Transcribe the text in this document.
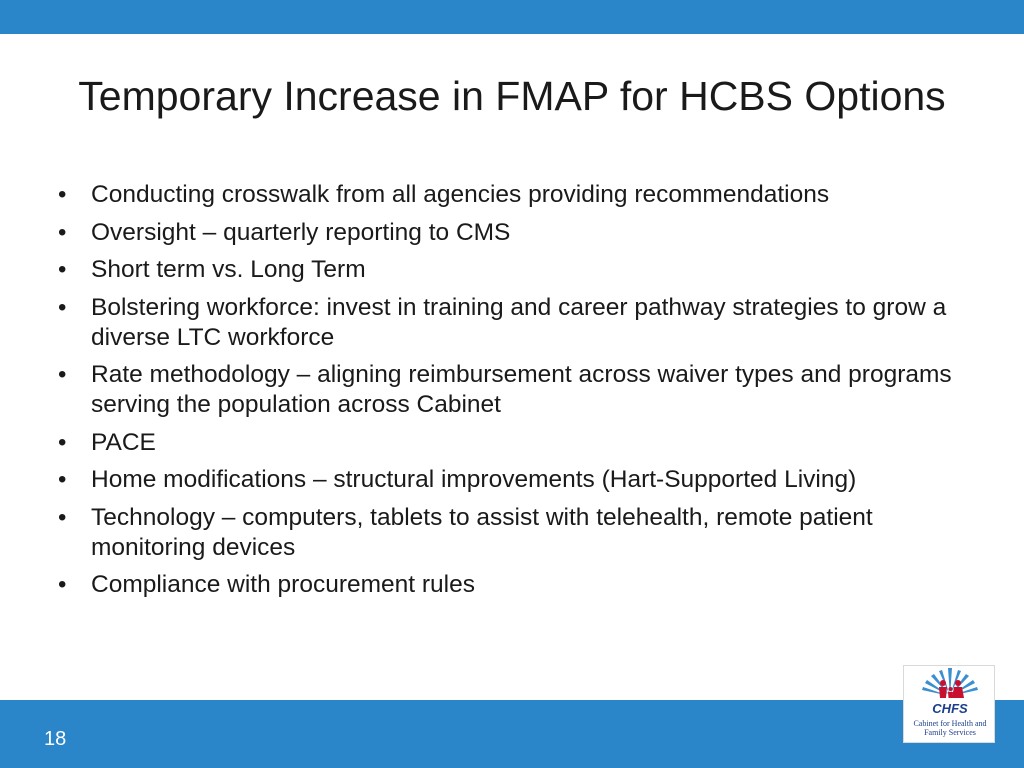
Temporary Increase in FMAP for HCBS Options
• Conducting crosswalk from all agencies providing recommendations
• Oversight – quarterly reporting to CMS
• Short term vs. Long Term
• Bolstering workforce: invest in training and career pathway strategies to grow a diverse LTC workforce
• Rate methodology – aligning reimbursement across waiver types and programs serving the population across Cabinet
• PACE
• Home modifications – structural improvements (Hart-Supported Living)
• Technology – computers, tablets to assist with telehealth, remote patient monitoring devices
• Compliance with procurement rules
18
CHFS
Cabinet for Health and
Family Services
